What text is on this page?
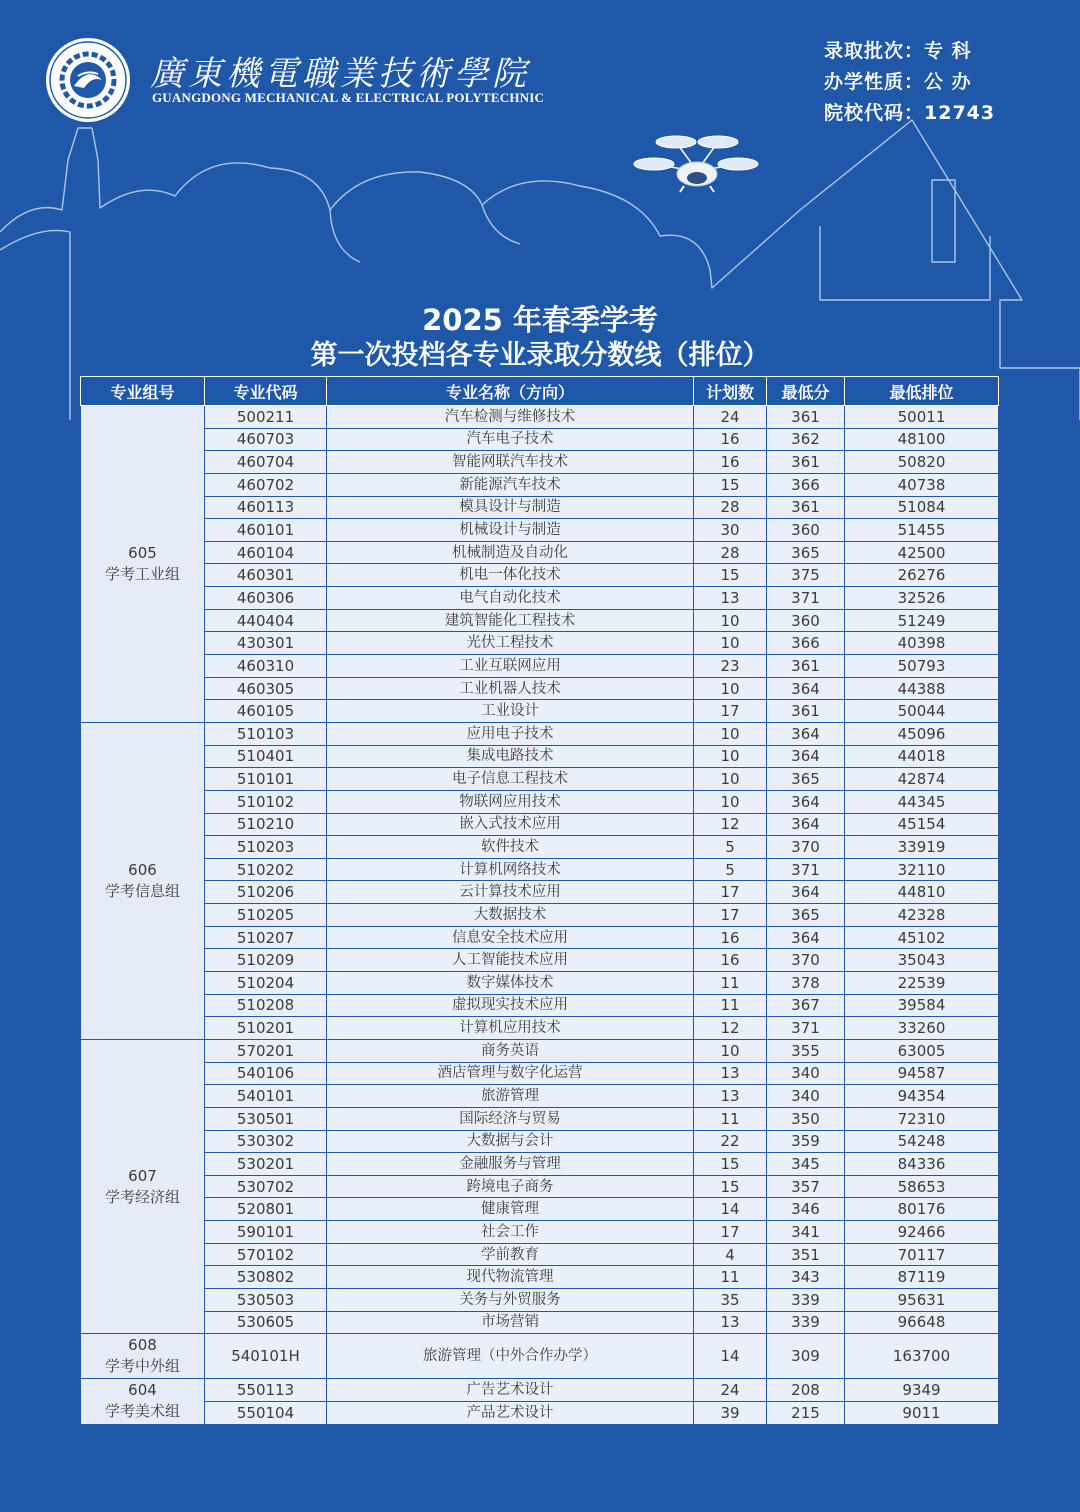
廣東機電職業技術學院
GUANGDONG MECHANICAL & ELECTRICAL POLYTECHNIC
录取批次：专 科
办学性质：公 办
院校代码：12743
2025 年春季学考
第一次投档各专业录取分数线（排位）
专业组号	专业代码	专业名称（方向）	计划数	最低分	最低排位

605
学考工业组	500211	汽车检测与维修技术	24	361	50011
	460703	汽车电子技术	16	362	48100
	460704	智能网联汽车技术	16	361	50820
	460702	新能源汽车技术	15	366	40738
	460113	模具设计与制造	28	361	51084
	460101	机械设计与制造	30	360	51455
	460104	机械制造及自动化	28	365	42500
	460301	机电一体化技术	15	375	26276
	460306	电气自动化技术	13	371	32526
	440404	建筑智能化工程技术	10	360	51249
	430301	光伏工程技术	10	366	40398
	460310	工业互联网应用	23	361	50793
	460305	工业机器人技术	10	364	44388
	460105	工业设计	17	361	50044

606
学考信息组	510103	应用电子技术	10	364	45096
	510401	集成电路技术	10	364	44018
	510101	电子信息工程技术	10	365	42874
	510102	物联网应用技术	10	364	44345
	510210	嵌入式技术应用	12	364	45154
	510203	软件技术	5	370	33919
	510202	计算机网络技术	5	371	32110
	510206	云计算技术应用	17	364	44810
	510205	大数据技术	17	365	42328
	510207	信息安全技术应用	16	364	45102
	510209	人工智能技术应用	16	370	35043
	510204	数字媒体技术	11	378	22539
	510208	虚拟现实技术应用	11	367	39584
	510201	计算机应用技术	12	371	33260

607
学考经济组	570201	商务英语	10	355	63005
	540106	酒店管理与数字化运营	13	340	94587
	540101	旅游管理	13	340	94354
	530501	国际经济与贸易	11	350	72310
	530302	大数据与会计	22	359	54248
	530201	金融服务与管理	15	345	84336
	530702	跨境电子商务	15	357	58653
	520801	健康管理	14	346	80176
	590101	社会工作	17	341	92466
	570102	学前教育	4	351	70117
	530802	现代物流管理	11	343	87119
	530503	关务与外贸服务	35	339	95631
	530605	市场营销	13	339	96648

608
学考中外组	540101H	旅游管理（中外合作办学）	14	309	163700

604
学考美术组	550113	广告艺术设计	24	208	9349
	550104	产品艺术设计	39	215	9011
